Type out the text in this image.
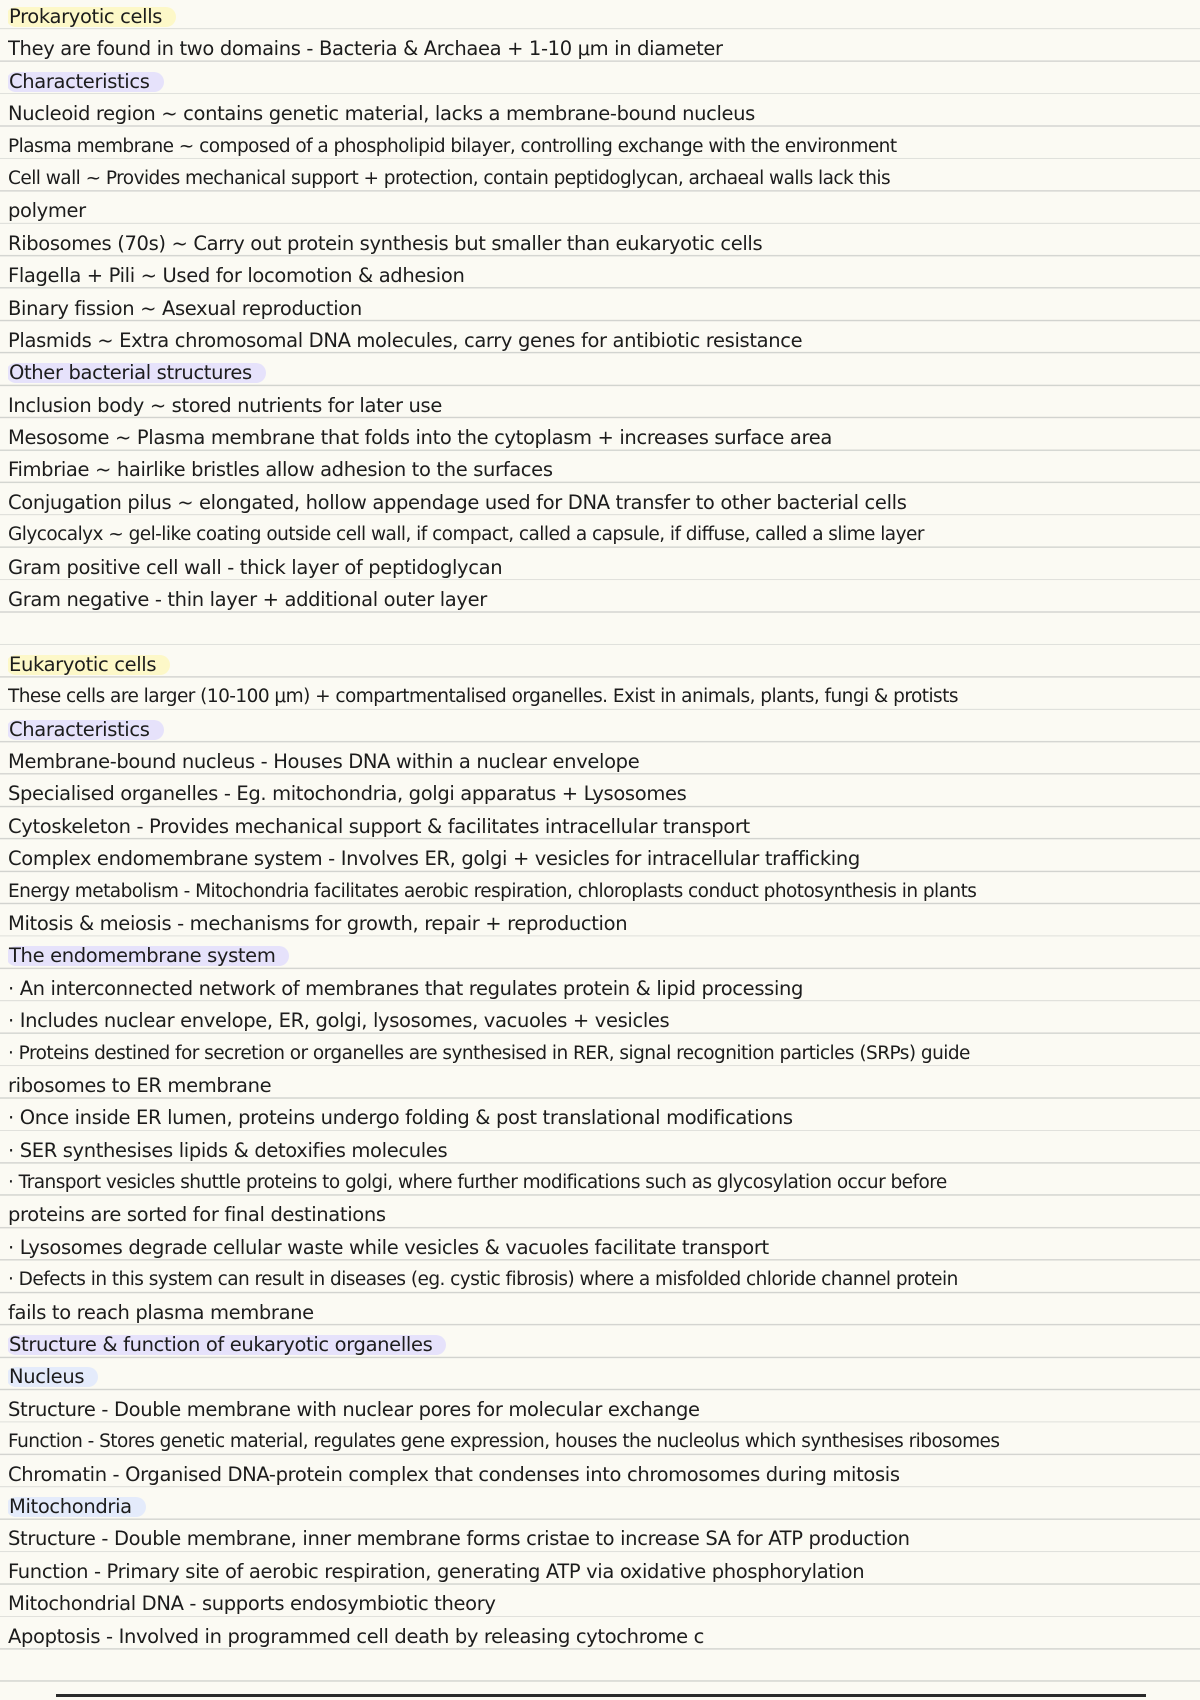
Prokaryotic cells
They are found in two domains - Bacteria & Archaea + 1-10 μm in diameter
Characteristics
Nucleoid region ~ contains genetic material, lacks a membrane-bound nucleus
Plasma membrane ~ composed of a phospholipid bilayer, controlling exchange with the environment
Cell wall ~ Provides mechanical support + protection, contain peptidoglycan, archaeal walls lack this
polymer
Ribosomes (70s) ~ Carry out protein synthesis but smaller than eukaryotic cells
Flagella + Pili ~ Used for locomotion & adhesion
Binary fission ~ Asexual reproduction
Plasmids ~ Extra chromosomal DNA molecules, carry genes for antibiotic resistance
Other bacterial structures
Inclusion body ~ stored nutrients for later use
Mesosome ~ Plasma membrane that folds into the cytoplasm + increases surface area
Fimbriae ~ hairlike bristles allow adhesion to the surfaces
Conjugation pilus ~ elongated, hollow appendage used for DNA transfer to other bacterial cells
Glycocalyx ~ gel-like coating outside cell wall, if compact, called a capsule, if diffuse, called a slime layer
Gram positive cell wall - thick layer of peptidoglycan
Gram negative - thin layer + additional outer layer
Eukaryotic cells
These cells are larger (10-100 μm) + compartmentalised organelles. Exist in animals, plants, fungi & protists
Characteristics
Membrane-bound nucleus - Houses DNA within a nuclear envelope
Specialised organelles - Eg. mitochondria, golgi apparatus + Lysosomes
Cytoskeleton - Provides mechanical support & facilitates intracellular transport
Complex endomembrane system - Involves ER, golgi + vesicles for intracellular trafficking
Energy metabolism - Mitochondria facilitates aerobic respiration, chloroplasts conduct photosynthesis in plants
Mitosis & meiosis - mechanisms for growth, repair + reproduction
The endomembrane system
· An interconnected network of membranes that regulates protein & lipid processing
· Includes nuclear envelope, ER, golgi, lysosomes, vacuoles + vesicles
· Proteins destined for secretion or organelles are synthesised in RER, signal recognition particles (SRPs) guide
ribosomes to ER membrane
· Once inside ER lumen, proteins undergo folding & post translational modifications
· SER synthesises lipids & detoxifies molecules
· Transport vesicles shuttle proteins to golgi, where further modifications such as glycosylation occur before
proteins are sorted for final destinations
· Lysosomes degrade cellular waste while vesicles & vacuoles facilitate transport
· Defects in this system can result in diseases (eg. cystic fibrosis) where a misfolded chloride channel protein
fails to reach plasma membrane
Structure & function of eukaryotic organelles
Nucleus
Structure - Double membrane with nuclear pores for molecular exchange
Function - Stores genetic material, regulates gene expression, houses the nucleolus which synthesises ribosomes
Chromatin - Organised DNA-protein complex that condenses into chromosomes during mitosis
Mitochondria
Structure - Double membrane, inner membrane forms cristae to increase SA for ATP production
Function - Primary site of aerobic respiration, generating ATP via oxidative phosphorylation
Mitochondrial DNA - supports endosymbiotic theory
Apoptosis - Involved in programmed cell death by releasing cytochrome c
